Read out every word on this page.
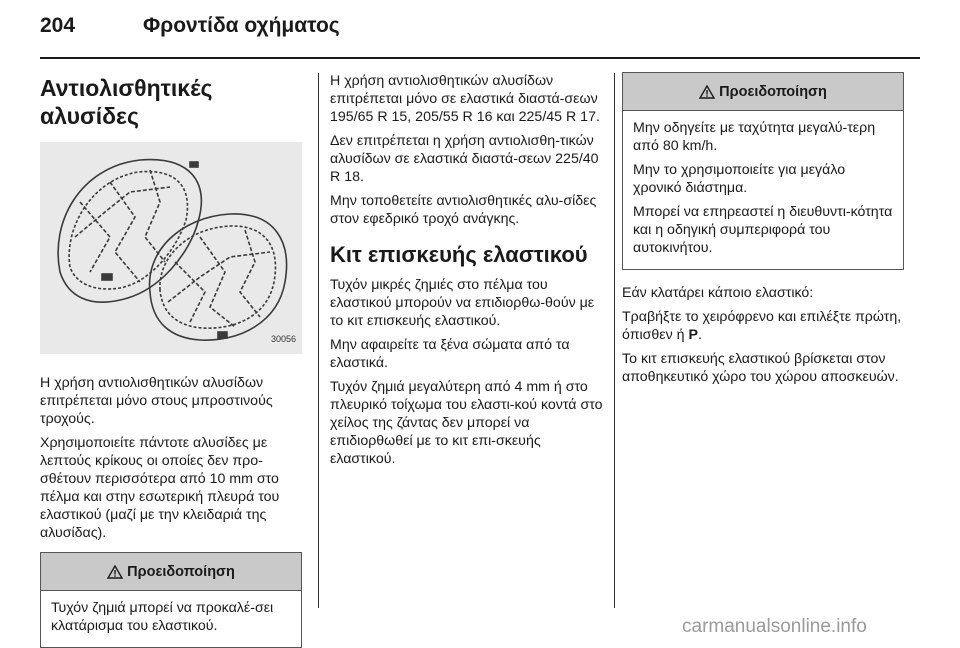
204	Φροντίδα οχήματος
Αντιολισθητικές αλυσίδες
30056

Η χρήση αντιολισθητικών αλυσίδων επιτρέπεται μόνο στους μπροστινούς τροχούς.

Χρησιμοποιείτε πάντοτε αλυσίδες με λεπτούς κρίκους οι οποίες δεν προ-σθέτουν περισσότερα από 10 mm στο πέλμα και στην εσωτερική πλευρά του ελαστικού (μαζί με την κλειδαριά της αλυσίδας).

Προειδοποίηση

Τυχόν ζημιά μπορεί να προκαλέ-σει κλατάρισμα του ελαστικού.

Η χρήση αντιολισθητικών αλυσίδων επιτρέπεται μόνο σε ελαστικά διαστά-σεων 195/65 R 15, 205/55 R 16 και 225/45 R 17.

Δεν επιτρέπεται η χρήση αντιολισθη-τικών αλυσίδων σε ελαστικά διαστά-σεων 225/40 R 18.

Μην τοποθετείτε αντιολισθητικές αλυ-σίδες στον εφεδρικό τροχό ανάγκης.

Κιτ επισκευής ελαστικού

Τυχόν μικρές ζημιές στο πέλμα του ελαστικού μπορούν να επιδιορθω-θούν με το κιτ επισκευής ελαστικού.

Μην αφαιρείτε τα ξένα σώματα από τα ελαστικά.

Τυχόν ζημιά μεγαλύτερη από 4 mm ή στο πλευρικό τοίχωμα του ελαστι-κού κοντά στο χείλος της ζάντας δεν μπορεί να επιδιορθωθεί με το κιτ επι-σκευής ελαστικού.

Προειδοποίηση

Μην οδηγείτε με ταχύτητα μεγαλύ-τερη από 80 km/h.

Μην το χρησιμοποιείτε για μεγάλο χρονικό διάστημα.

Μπορεί να επηρεαστεί η διευθυντι-κότητα και η οδηγική συμπεριφορά του αυτοκινήτου.

Εάν κλατάρει κάποιο ελαστικό:

Τραβήξτε το χειρόφρενο και επιλέξτε πρώτη, όπισθεν ή P.

Το κιτ επισκευής ελαστικού βρίσκεται στον αποθηκευτικό χώρο του χώρου αποσκευών.

carmanualsonline.info
